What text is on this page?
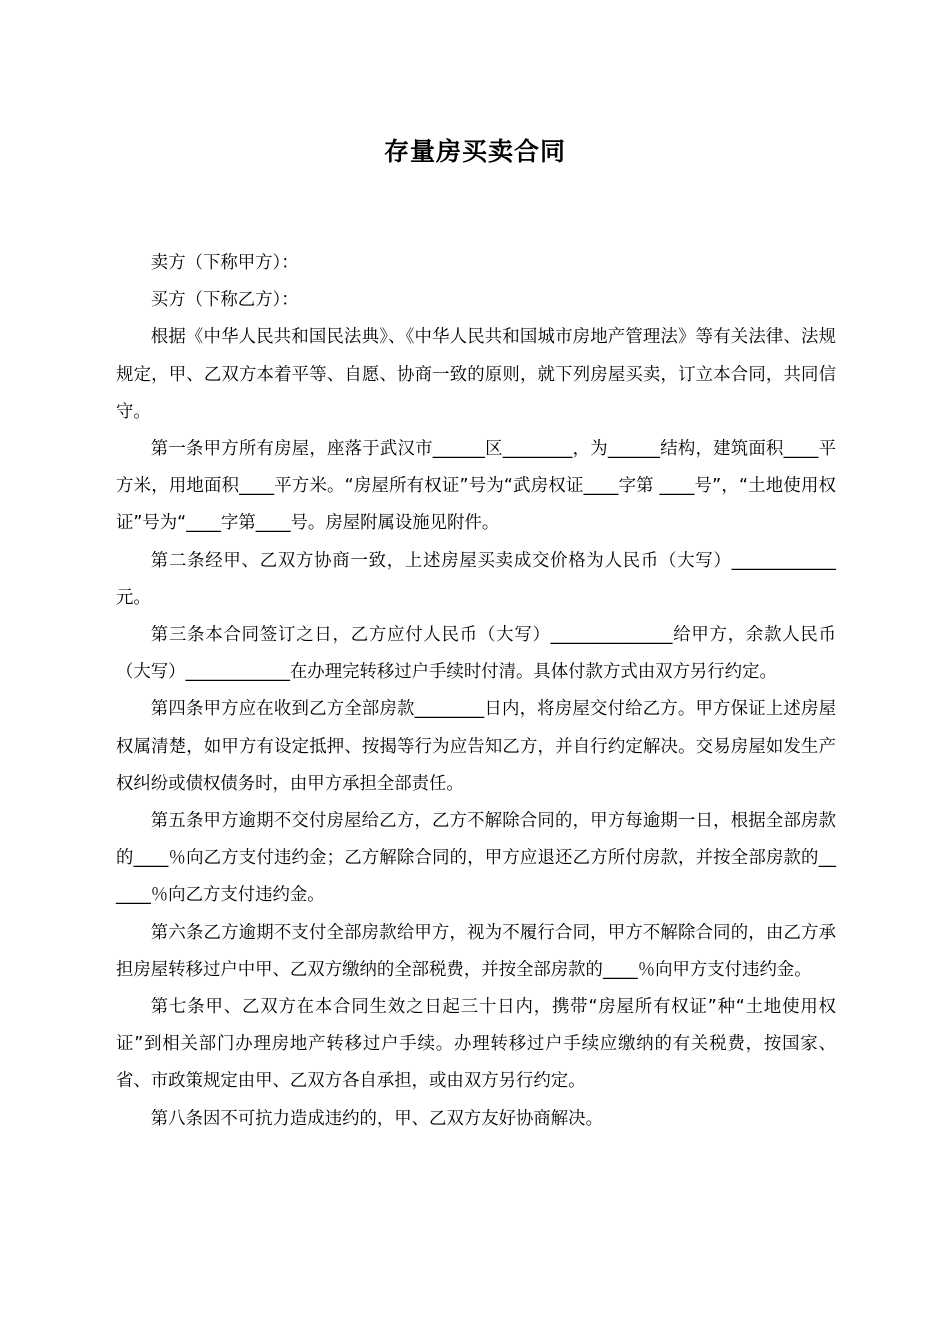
存量房买卖合同

卖方（下称甲方）：

买方（下称乙方）：

根据《中华人民共和国民法典》、《中华人民共和国城市房地产管理法》等有关法律、法规规定，甲、乙双方本着平等、自愿、协商一致的原则，就下列房屋买卖，订立本合同，共同信守。

第一条甲方所有房屋，座落于武汉市______区________，为______结构，建筑面积____平方米，用地面积____平方米。“房屋所有权证”号为“武房权证____字第 ____号”，“土地使用权证”号为“____字第____号。房屋附属设施见附件。

第二条经甲、乙双方协商一致，上述房屋买卖成交价格为人民币（大写）____________元。

第三条本合同签订之日，乙方应付人民币（大写）______________给甲方，余款人民币（大写）____________在办理完转移过户手续时付清。具体付款方式由双方另行约定。

第四条甲方应在收到乙方全部房款________日内，将房屋交付给乙方。甲方保证上述房屋权属清楚，如甲方有设定抵押、按揭等行为应告知乙方，并自行约定解决。交易房屋如发生产权纠纷或债权债务时，由甲方承担全部责任。

第五条甲方逾期不交付房屋给乙方，乙方不解除合同的，甲方每逾期一日，根据全部房款的____％向乙方支付违约金；乙方解除合同的，甲方应退还乙方所付房款，并按全部房款的______％向乙方支付违约金。

第六条乙方逾期不支付全部房款给甲方，视为不履行合同，甲方不解除合同的，由乙方承担房屋转移过户中甲、乙双方缴纳的全部税费，并按全部房款的____％向甲方支付违约金。

第七条甲、乙双方在本合同生效之日起三十日内，携带“房屋所有权证”种“土地使用权证”到相关部门办理房地产转移过户手续。办理转移过户手续应缴纳的有关税费，按国家、省、市政策规定由甲、乙双方各自承担，或由双方另行约定。

第八条因不可抗力造成违约的，甲、乙双方友好协商解决。
